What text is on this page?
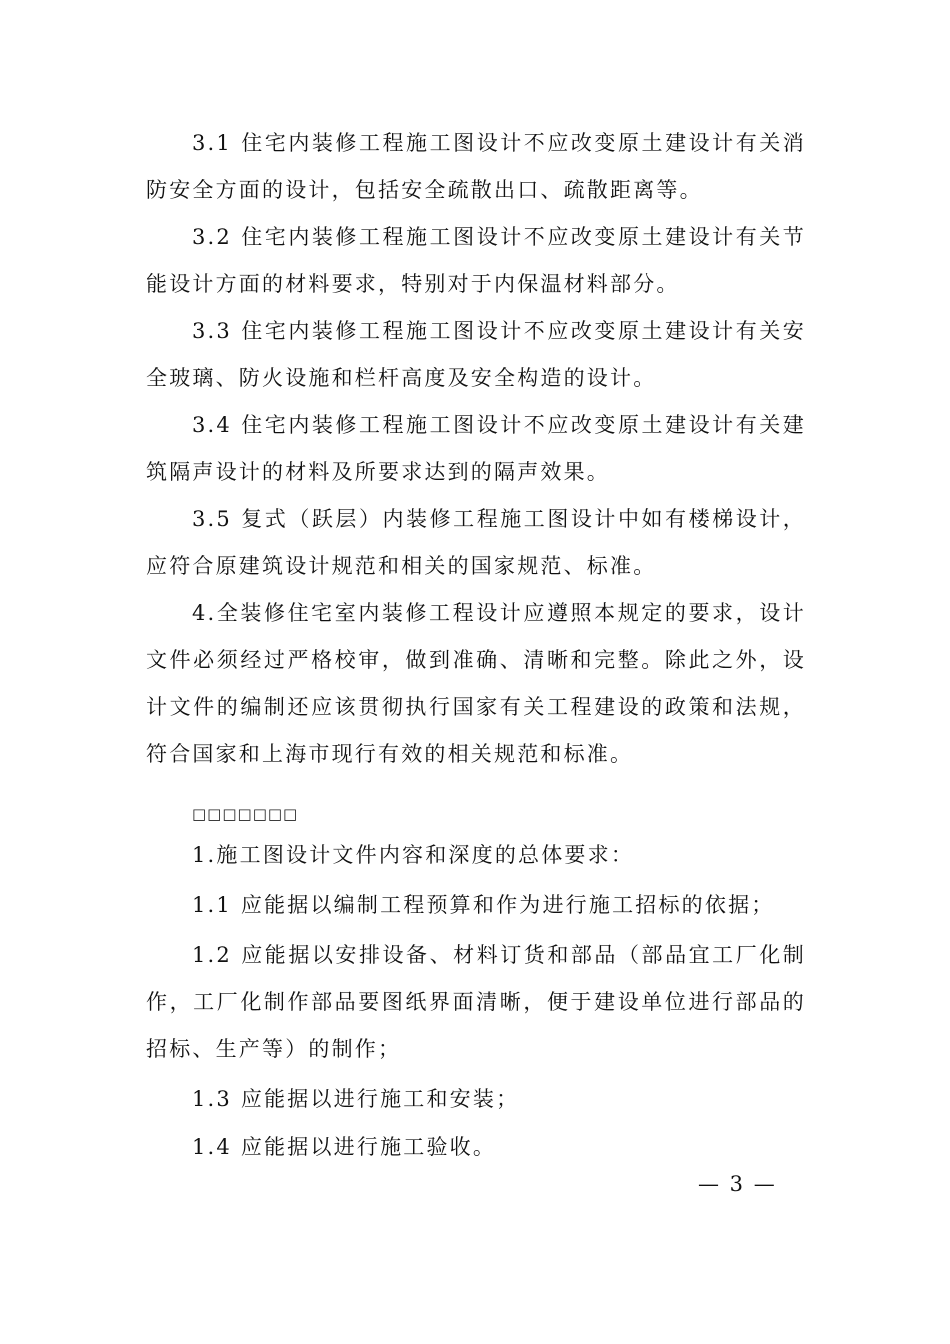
3.1 住宅内装修工程施工图设计不应改变原土建设计有关消防安全方面的设计，包括安全疏散出口、疏散距离等。

3.2 住宅内装修工程施工图设计不应改变原土建设计有关节能设计方面的材料要求，特别对于内保温材料部分。

3.3 住宅内装修工程施工图设计不应改变原土建设计有关安全玻璃、防火设施和栏杆高度及安全构造的设计。

3.4 住宅内装修工程施工图设计不应改变原土建设计有关建筑隔声设计的材料及所要求达到的隔声效果。

3.5 复式（跃层）内装修工程施工图设计中如有楼梯设计，应符合原建筑设计规范和相关的国家规范、标准。

4.全装修住宅室内装修工程设计应遵照本规定的要求，设计文件必须经过严格校审，做到准确、清晰和完整。除此之外，设计文件的编制还应该贯彻执行国家有关工程建设的政策和法规，符合国家和上海市现行有效的相关规范和标准。

□□□□□□□

1.施工图设计文件内容和深度的总体要求：

1.1 应能据以编制工程预算和作为进行施工招标的依据；

1.2 应能据以安排设备、材料订货和部品（部品宜工厂化制作，工厂化制作部品要图纸界面清晰，便于建设单位进行部品的招标、生产等）的制作；

1.3 应能据以进行施工和安装；

1.4 应能据以进行施工验收。

— 3 —
